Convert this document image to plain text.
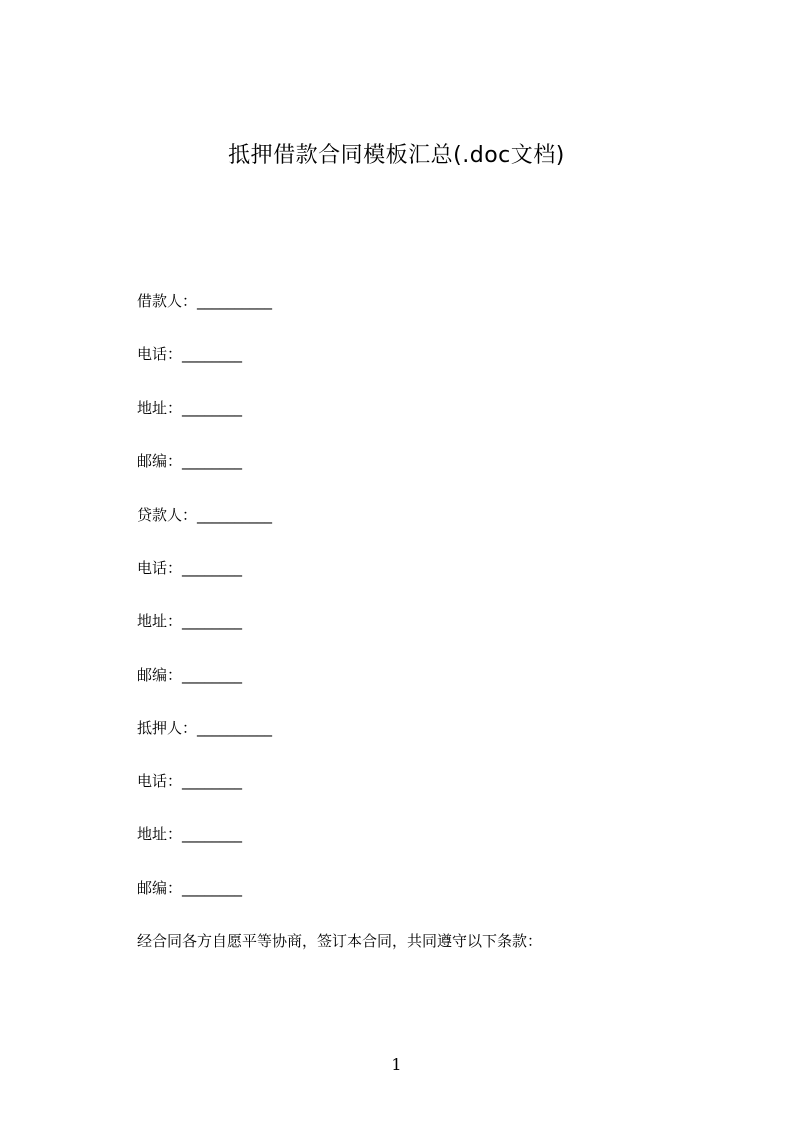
抵押借款合同模板汇总(.doc文档)
借款人：__________
电话：________
地址：________
邮编：________
贷款人：__________
电话：________
地址：________
邮编：________
抵押人：__________
电话：________
地址：________
邮编：________
经合同各方自愿平等协商，签订本合同，共同遵守以下条款：
1
